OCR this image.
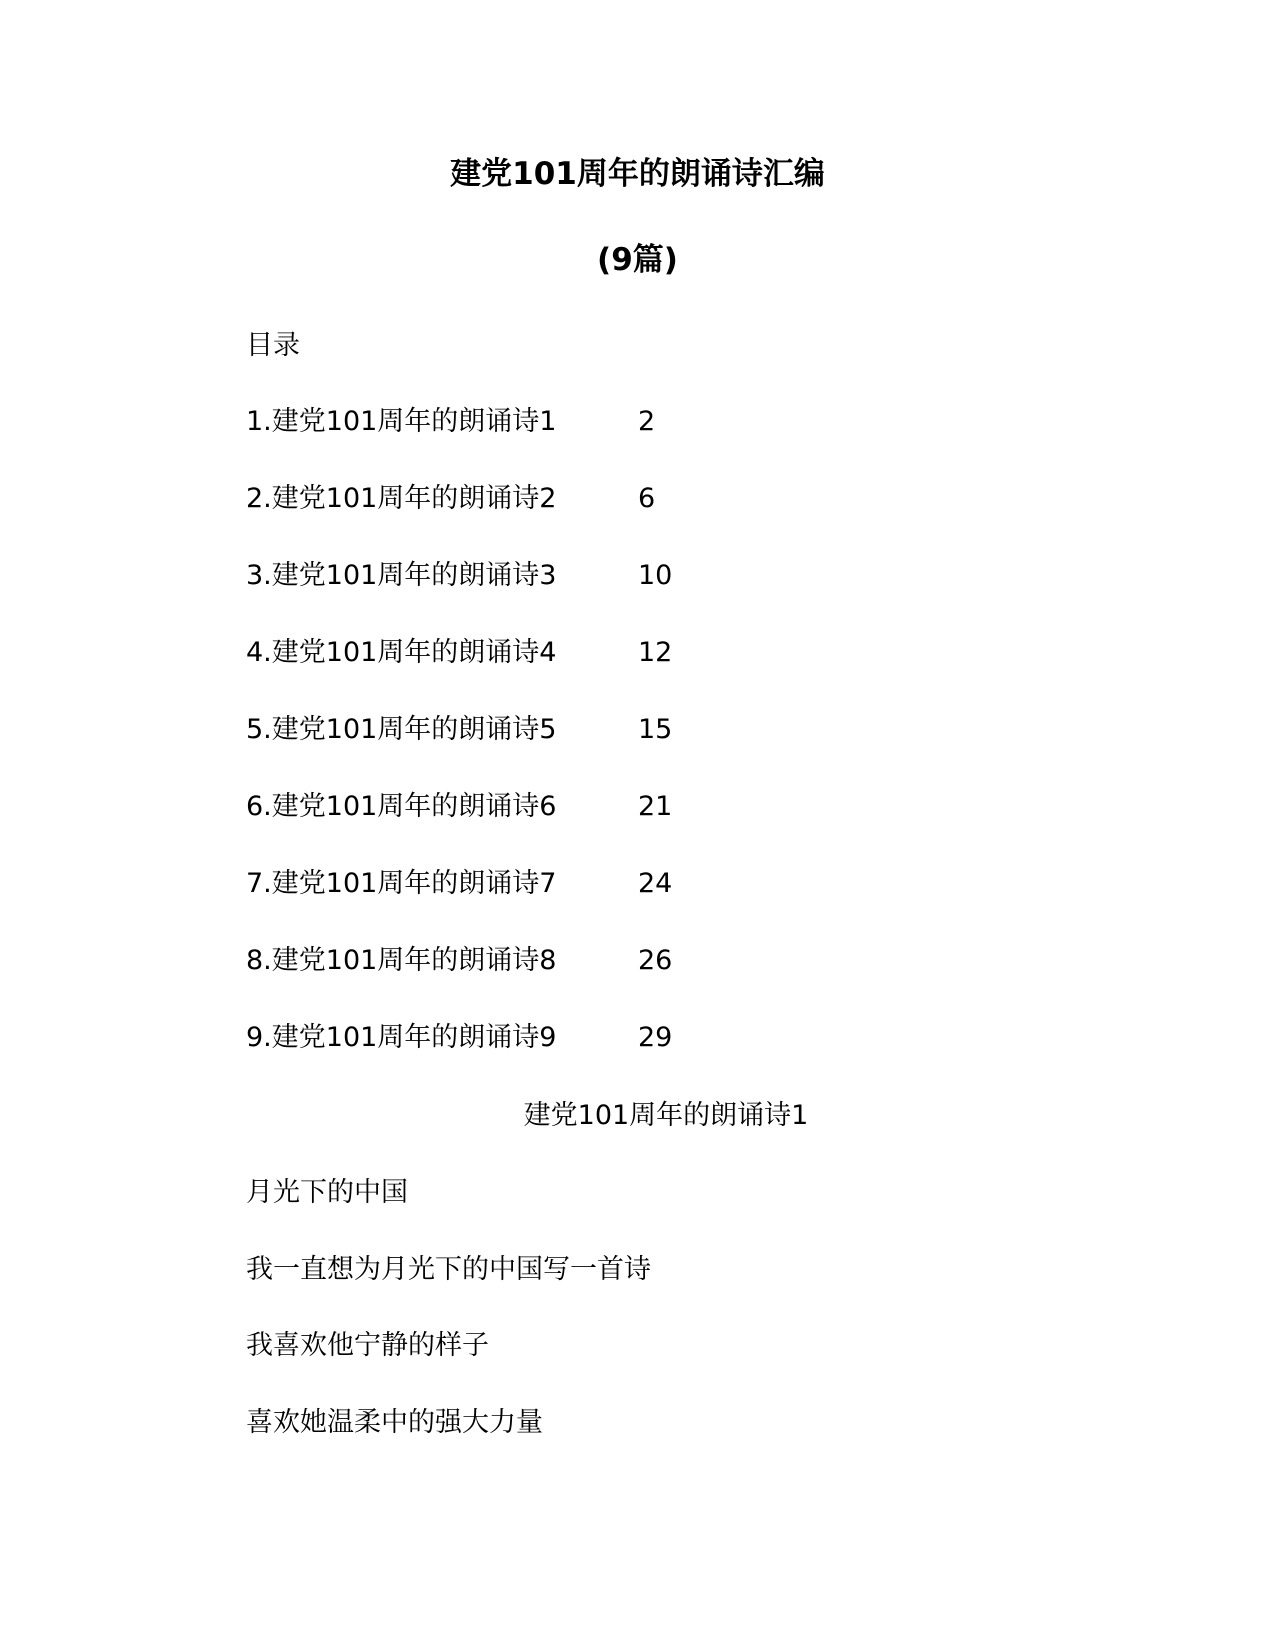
建党101周年的朗诵诗汇编
(9篇)
目录
1.建党101周年的朗诵诗1	2
2.建党101周年的朗诵诗2	6
3.建党101周年的朗诵诗3	10
4.建党101周年的朗诵诗4	12
5.建党101周年的朗诵诗5	15
6.建党101周年的朗诵诗6	21
7.建党101周年的朗诵诗7	24
8.建党101周年的朗诵诗8	26
9.建党101周年的朗诵诗9	29
建党101周年的朗诵诗1
月光下的中国
我一直想为月光下的中国写一首诗
我喜欢他宁静的样子
喜欢她温柔中的强大力量
